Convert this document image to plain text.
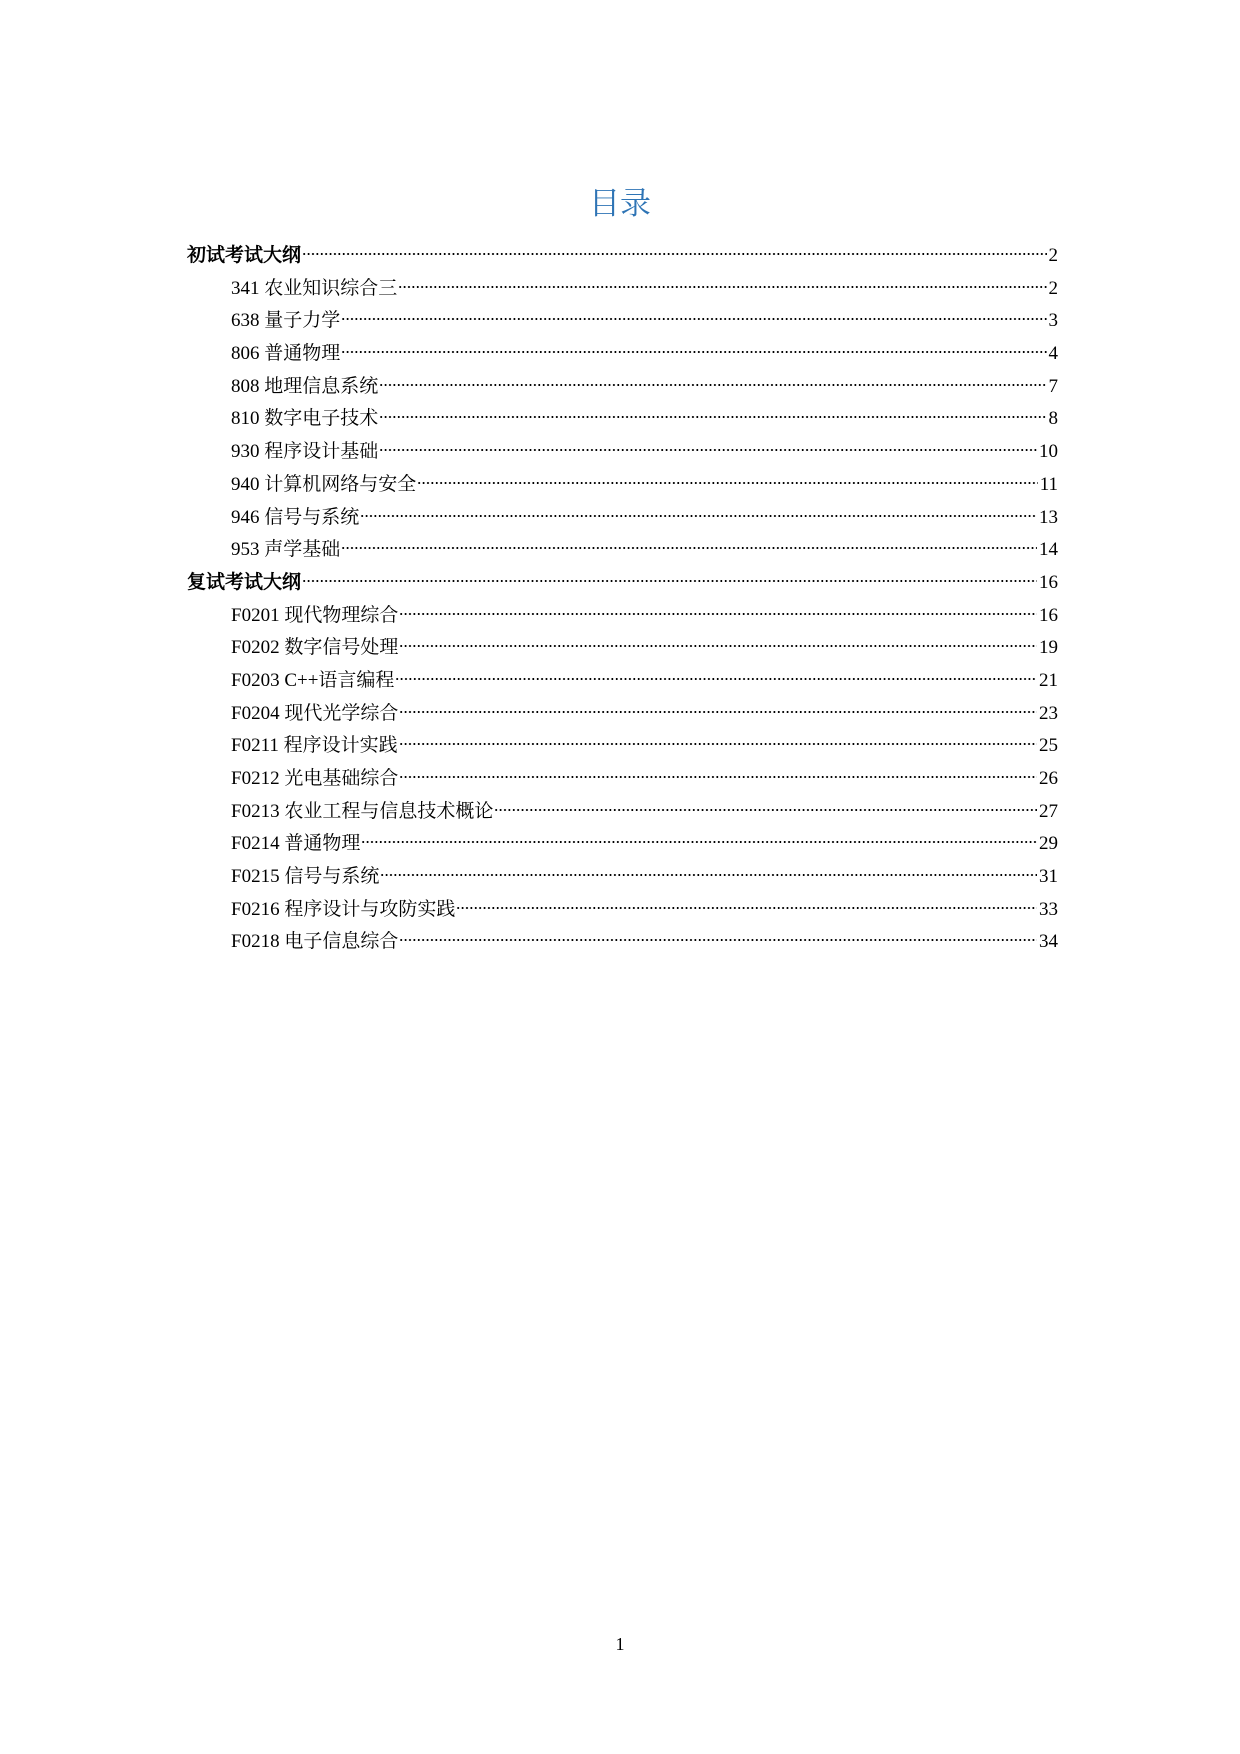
目录
初试考试大纲	2
341 农业知识综合三	2
638 量子力学	3
806 普通物理	4
808 地理信息系统	7
810 数字电子技术	8
930 程序设计基础	10
940 计算机网络与安全	11
946 信号与系统	13
953 声学基础	14
复试考试大纲	16
F0201 现代物理综合	16
F0202 数字信号处理	19
F0203 C++语言编程	21
F0204 现代光学综合	23
F0211 程序设计实践	25
F0212 光电基础综合	26
F0213 农业工程与信息技术概论	27
F0214 普通物理	29
F0215 信号与系统	31
F0216 程序设计与攻防实践	33
F0218 电子信息综合	34
1
